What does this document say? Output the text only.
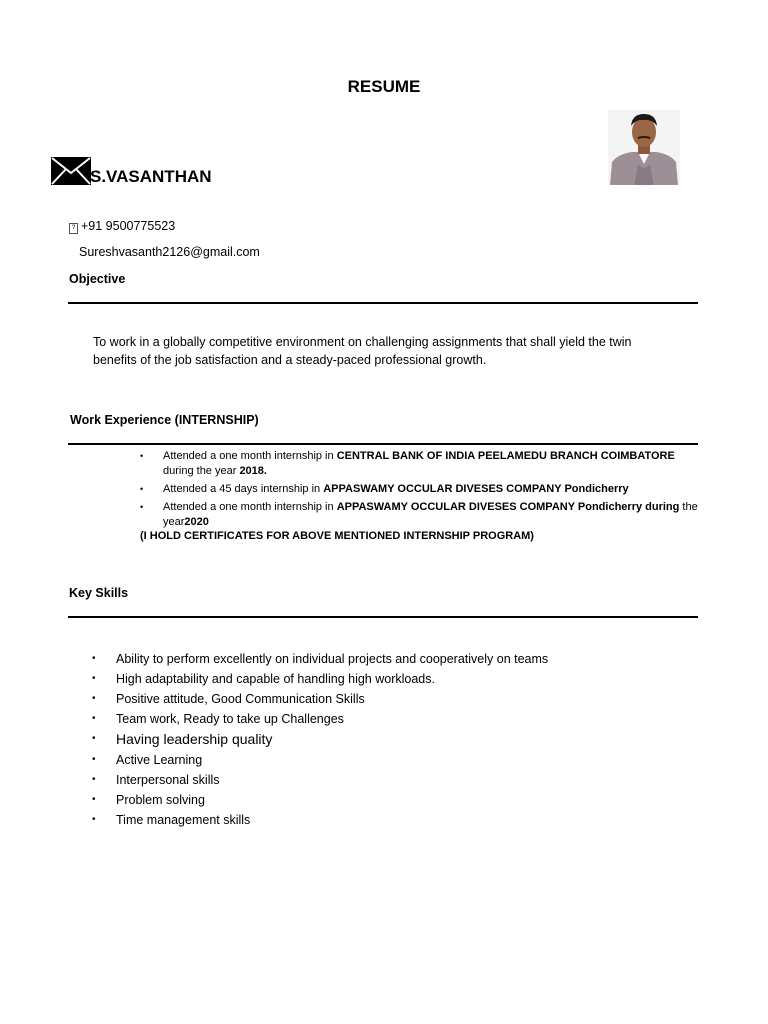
RESUME
S.VASANTHAN
? +91 9500775523
Sureshvasanth2126@gmail.com
Objective
To work in a globally competitive environment on challenging assignments that shall yield the twin benefits of the job satisfaction and a steady-paced professional growth.
Work Experience (INTERNSHIP)
• Attended a one month internship in CENTRAL BANK OF INDIA PEELAMEDU BRANCH COIMBATORE during the year 2018.
• Attended a 45 days internship in APPASWAMY OCCULAR DIVESES COMPANY Pondicherry
• Attended a one month internship in APPASWAMY OCCULAR DIVESES COMPANY Pondicherry during the year2020
(I HOLD CERTIFICATES FOR ABOVE MENTIONED INTERNSHIP PROGRAM)
Key Skills
• Ability to perform excellently on individual projects and cooperatively on teams
• High adaptability and capable of handling high workloads.
• Positive attitude, Good Communication Skills
• Team work, Ready to take up Challenges
• Having leadership quality
• Active Learning
• Interpersonal skills
• Problem solving
• Time management skills
